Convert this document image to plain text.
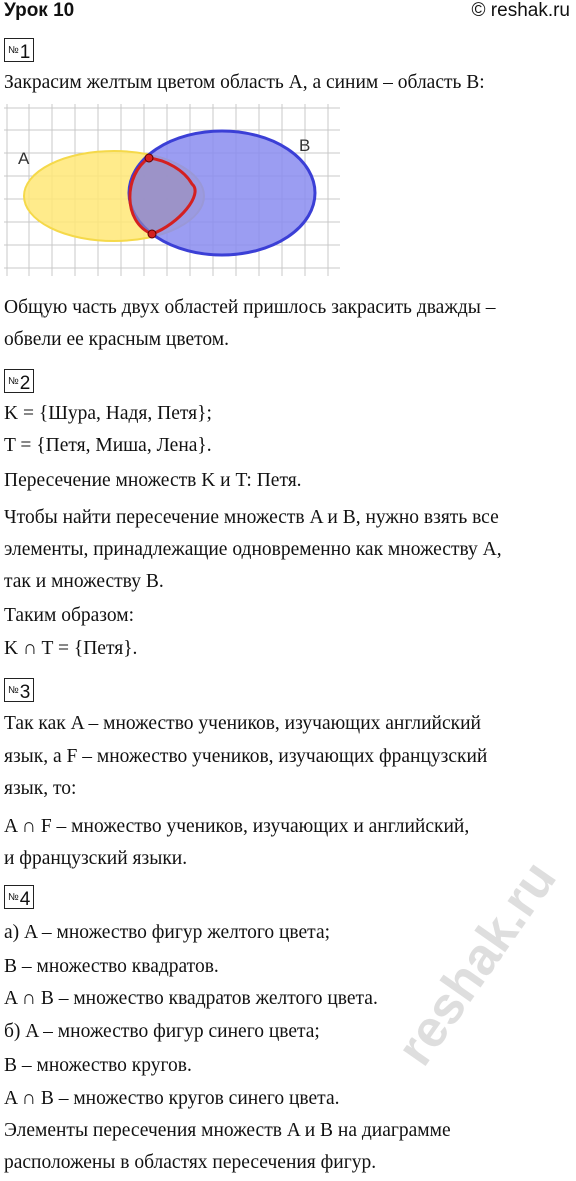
Урок 10	© reshak.ru
№1
Закрасим желтым цветом область A, а синим – область B:
A
B
Общую часть двух областей пришлось закрасить дважды –
обвели ее красным цветом.
№2
K = {Шура, Надя, Петя};
T = {Петя, Миша, Лена}.
Пересечение множеств K и T: Петя.
Чтобы найти пересечение множеств A и B, нужно взять все
элементы, принадлежащие одновременно как множеству A,
так и множеству B.
Таким образом:
K ∩ T = {Петя}.
№3
Так как A – множество учеников, изучающих английский
язык, а F – множество учеников, изучающих французский
язык, то:
A ∩ F – множество учеников, изучающих и английский,
и французский языки.
№4
а) A – множество фигур желтого цвета;
B – множество квадратов.
A ∩ B – множество квадратов желтого цвета.
б) A – множество фигур синего цвета;
B – множество кругов.
A ∩ B – множество кругов синего цвета.
Элементы пересечения множеств A и B на диаграмме
расположены в областях пересечения фигур.
reshak.ru
